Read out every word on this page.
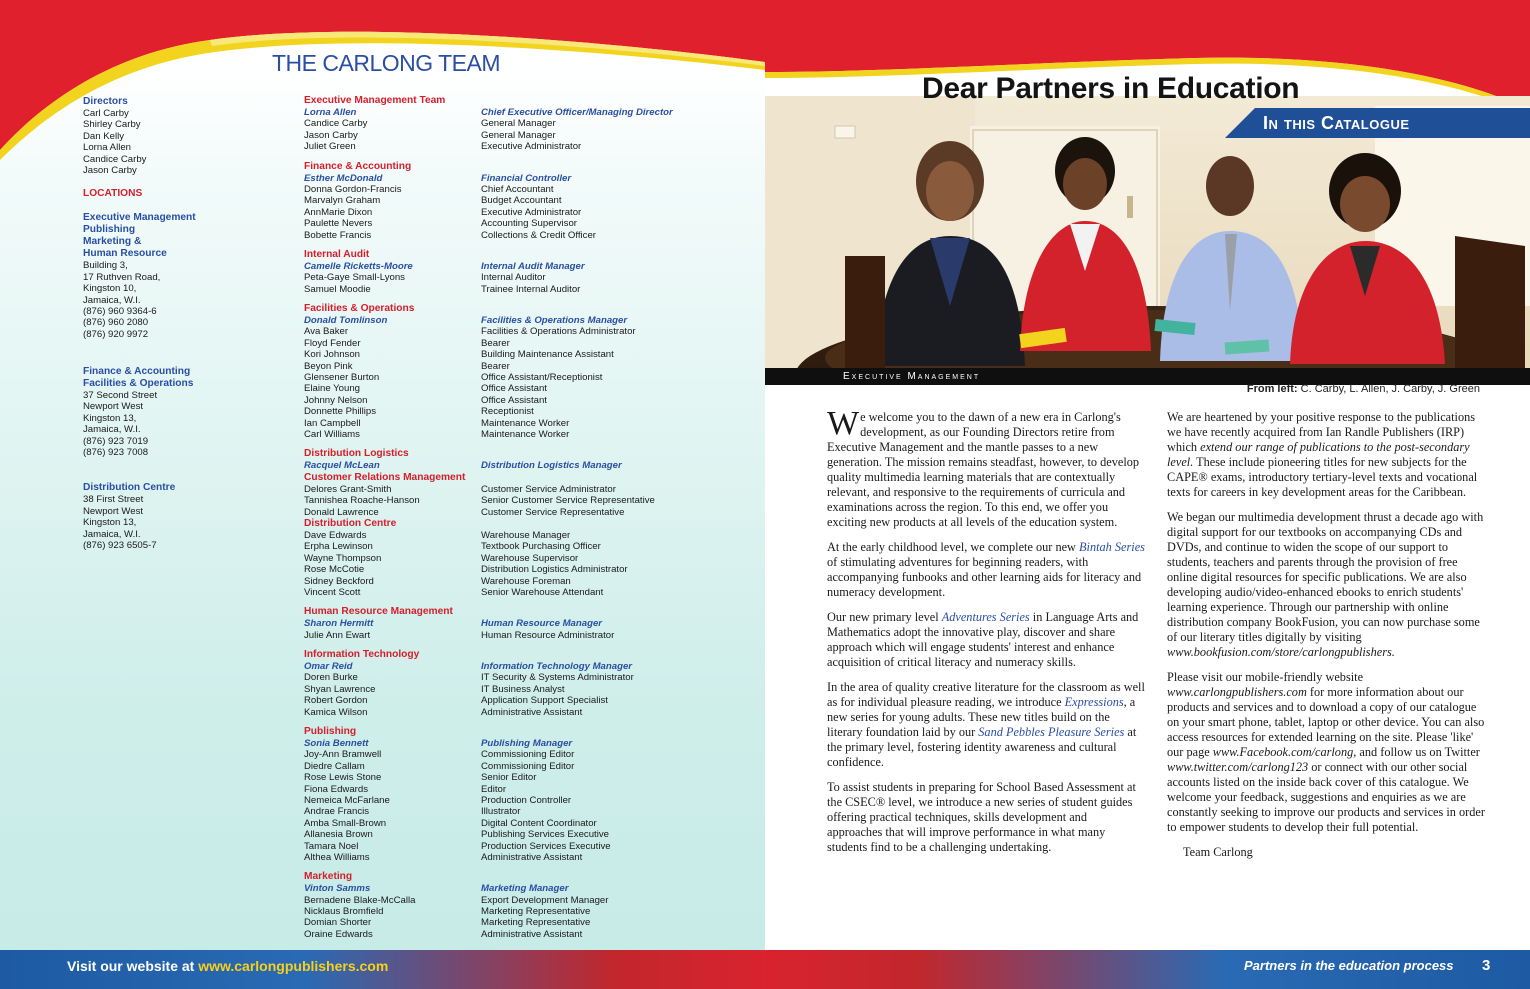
THE CARLONG TEAM
Directors
Carl Carby
Shirley Carby
Dan Kelly
Lorna Allen
Candice Carby
Jason Carby
LOCATIONS
Executive Management
Publishing
Marketing &
Human Resource
Building 3,
17 Ruthven Road,
Kingston 10,
Jamaica, W.I.
(876) 960 9364-6
(876) 960 2080
(876) 920 9972
Finance & Accounting
Facilities & Operations
37 Second Street
Newport West
Kingston 13,
Jamaica, W.I.
(876) 923 7019
(876) 923 7008
Distribution Centre
38 First Street
Newport West
Kingston 13,
Jamaica, W.I.
(876) 923 6505-7
Executive Management Team
Lorna Allen
Candice Carby
Jason Carby
Juliet Green
Finance & Accounting
Esther McDonald
Donna Gordon-Francis
Marvalyn Graham
AnnMarie Dixon
Paulette Nevers
Bobette Francis
Internal Audit
Camelle Ricketts-Moore
Peta-Gaye Small-Lyons
Samuel Moodie
Facilities & Operations
Donald Tomlinson
Ava Baker
Floyd Fender
Kori Johnson
Beyon Pink
Glensener Burton
Elaine Young
Johnny Nelson
Donnette Phillips
Ian Campbell
Carl Williams
Distribution Logistics
Racquel McLean
Customer Relations Management
Delores Grant-Smith
Tannishea Roache-Hanson
Donald Lawrence
Distribution Centre
Dave Edwards
Erpha Lewinson
Wayne Thompson
Rose McCotie
Sidney Beckford
Vincent Scott
Human Resource Management
Sharon Hermitt
Julie Ann Ewart
Information Technology
Omar Reid
Doren Burke
Shyan Lawrence
Robert Gordon
Kamica Wilson
Publishing
Sonia Bennett
Joy-Ann Bramwell
Diedre Callam
Rose Lewis Stone
Fiona Edwards
Nemeica McFarlane
Andrae Francis
Amba Small-Brown
Allanesia Brown
Tamara Noel
Althea Williams
Marketing
Vinton Samms
Bernadene Blake-McCalla
Nicklaus Bromfield
Domian Shorter
Oraine Edwards
Chief Executive Officer/Managing Director
General Manager
General Manager
Executive Administrator
Financial Controller
Chief Accountant
Budget Accountant
Executive Administrator
Accounting Supervisor
Collections & Credit Officer
Internal Audit Manager
Internal Auditor
Trainee Internal Auditor
Facilities & Operations Manager
Facilities & Operations Administrator
Bearer
Building Maintenance Assistant
Bearer
Office Assistant/Receptionist
Office Assistant
Office Assistant
Receptionist
Maintenance Worker
Maintenance Worker
Distribution Logistics Manager
Customer Service Administrator
Senior Customer Service Representative
Customer Service Representative
Warehouse Manager
Textbook Purchasing Officer
Warehouse Supervisor
Distribution Logistics Administrator
Warehouse Foreman
Senior Warehouse Attendant
Human Resource Manager
Human Resource Administrator
Information Technology Manager
IT Security & Systems Administrator
IT Business Analyst
Application Support Specialist
Administrative Assistant
Publishing Manager
Commissioning Editor
Commissioning Editor
Senior Editor
Editor
Production Controller
Illustrator
Digital Content Coordinator
Publishing Services Executive
Production Services Executive
Administrative Assistant
Marketing Manager
Export Development Manager
Marketing Representative
Marketing Representative
Administrative Assistant
Dear Partners in Education
In this Catalogue
Executive Management
From left: C. Carby, L. Allen, J. Carby, J. Green

We welcome you to the dawn of a new era in Carlong's development, as our Founding Directors retire from Executive Management and the mantle passes to a new generation. The mission remains steadfast, however, to develop quality multimedia learning materials that are contextually relevant, and responsive to the requirements of curricula and examinations across the region. To this end, we offer you exciting new products at all levels of the education system.

At the early childhood level, we complete our new Bintah Series of stimulating adventures for beginning readers, with accompanying funbooks and other learning aids for literacy and numeracy development.

Our new primary level Adventures Series in Language Arts and Mathematics adopt the innovative play, discover and share approach which will engage students' interest and enhance acquisition of critical literacy and numeracy skills.

In the area of quality creative literature for the classroom as well as for individual pleasure reading, we introduce Expressions, a new series for young adults. These new titles build on the literary foundation laid by our Sand Pebbles Pleasure Series at the primary level, fostering identity awareness and cultural confidence.

To assist students in preparing for School Based Assessment at the CSEC® level, we introduce a new series of student guides offering practical techniques, skills development and approaches that will improve performance in what many students find to be a challenging undertaking.

We are heartened by your positive response to the publications we have recently acquired from Ian Randle Publishers (IRP) which extend our range of publications to the post-secondary level. These include pioneering titles for new subjects for the CAPE® exams, introductory tertiary-level texts and vocational texts for careers in key development areas for the Caribbean.

We began our multimedia development thrust a decade ago with digital support for our textbooks on accompanying CDs and DVDs, and continue to widen the scope of our support to students, teachers and parents through the provision of free online digital resources for specific publications. We are also developing audio/video-enhanced ebooks to enrich students' learning experience. Through our partnership with online distribution company BookFusion, you can now purchase some of our literary titles digitally by visiting www.bookfusion.com/store/carlongpublishers.

Please visit our mobile-friendly website www.carlongpublishers.com for more information about our products and services and to download a copy of our catalogue on your smart phone, tablet, laptop or other device. You can also access resources for extended learning on the site. Please 'like' our page www.Facebook.com/carlong, and follow us on Twitter www.twitter.com/carlong123 or connect with our other social accounts listed on the inside back cover of this catalogue. We welcome your feedback, suggestions and enquiries as we are constantly seeking to improve our products and services in order to empower students to develop their full potential.

Team Carlong

Visit our website at www.carlongpublishers.com	Partners in the education process 3
